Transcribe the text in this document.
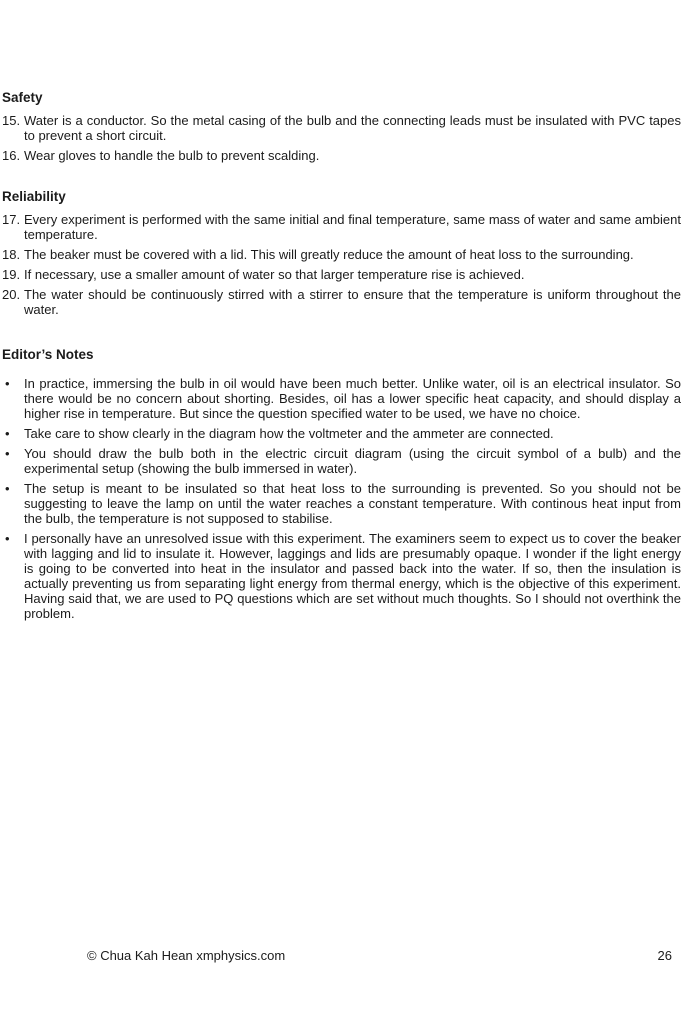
Safety
15. Water is a conductor. So the metal casing of the bulb and the connecting leads must be insulated with PVC tapes to prevent a short circuit.
16. Wear gloves to handle the bulb to prevent scalding.
Reliability
17. Every experiment is performed with the same initial and final temperature, same mass of water and same ambient temperature.
18. The beaker must be covered with a lid. This will greatly reduce the amount of heat loss to the surrounding.
19. If necessary, use a smaller amount of water so that larger temperature rise is achieved.
20. The water should be continuously stirred with a stirrer to ensure that the temperature is uniform throughout the water.
Editor’s Notes
• In practice, immersing the bulb in oil would have been much better. Unlike water, oil is an electrical insulator. So there would be no concern about shorting. Besides, oil has a lower specific heat capacity, and should display a higher rise in temperature. But since the question specified water to be used, we have no choice.
• Take care to show clearly in the diagram how the voltmeter and the ammeter are connected.
• You should draw the bulb both in the electric circuit diagram (using the circuit symbol of a bulb) and the experimental setup (showing the bulb immersed in water).
• The setup is meant to be insulated so that heat loss to the surrounding is prevented. So you should not be suggesting to leave the lamp on until the water reaches a constant temperature. With continous heat input from the bulb, the temperature is not supposed to stabilise.
• I personally have an unresolved issue with this experiment. The examiners seem to expect us to cover the beaker with lagging and lid to insulate it. However, laggings and lids are presumably opaque. I wonder if the light energy is going to be converted into heat in the insulator and passed back into the water. If so, then the insulation is actually preventing us from separating light energy from thermal energy, which is the objective of this experiment. Having said that, we are used to PQ questions which are set without much thoughts. So I should not overthink the problem.
© Chua Kah Hean xmphysics.com	26
